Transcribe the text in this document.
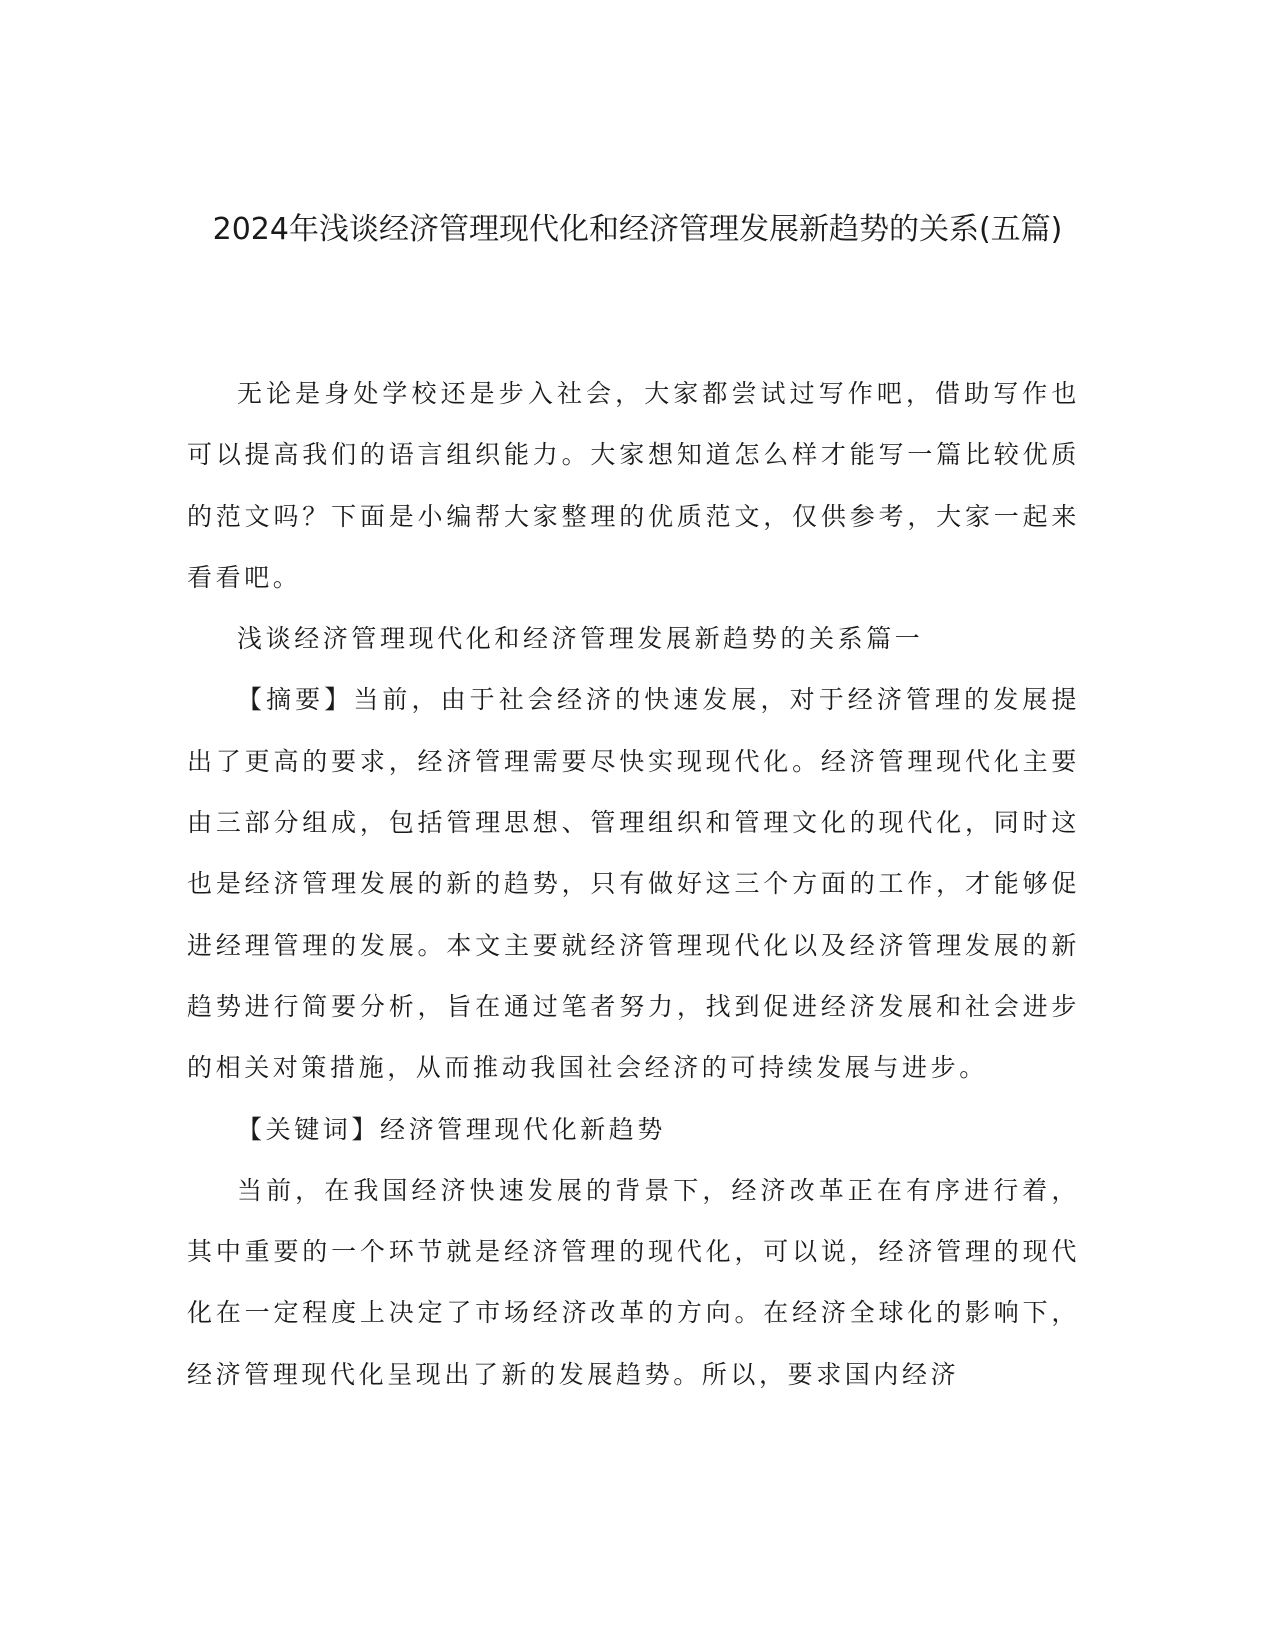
2024年浅谈经济管理现代化和经济管理发展新趋势的关系(五篇)

无论是身处学校还是步入社会，大家都尝试过写作吧，借助写作也可以提高我们的语言组织能力。大家想知道怎么样才能写一篇比较优质的范文吗？下面是小编帮大家整理的优质范文，仅供参考，大家一起来看看吧。

浅谈经济管理现代化和经济管理发展新趋势的关系篇一

【摘要】当前，由于社会经济的快速发展，对于经济管理的发展提出了更高的要求，经济管理需要尽快实现现代化。经济管理现代化主要由三部分组成，包括管理思想、管理组织和管理文化的现代化，同时这也是经济管理发展的新的趋势，只有做好这三个方面的工作，才能够促进经理管理的发展。本文主要就经济管理现代化以及经济管理发展的新趋势进行简要分析，旨在通过笔者努力，找到促进经济发展和社会进步的相关对策措施，从而推动我国社会经济的可持续发展与进步。

【关键词】经济管理现代化新趋势

当前，在我国经济快速发展的背景下，经济改革正在有序进行着，其中重要的一个环节就是经济管理的现代化，可以说，经济管理的现代化在一定程度上决定了市场经济改革的方向。在经济全球化的影响下，经济管理现代化呈现出了新的发展趋势。所以，要求国内经济
